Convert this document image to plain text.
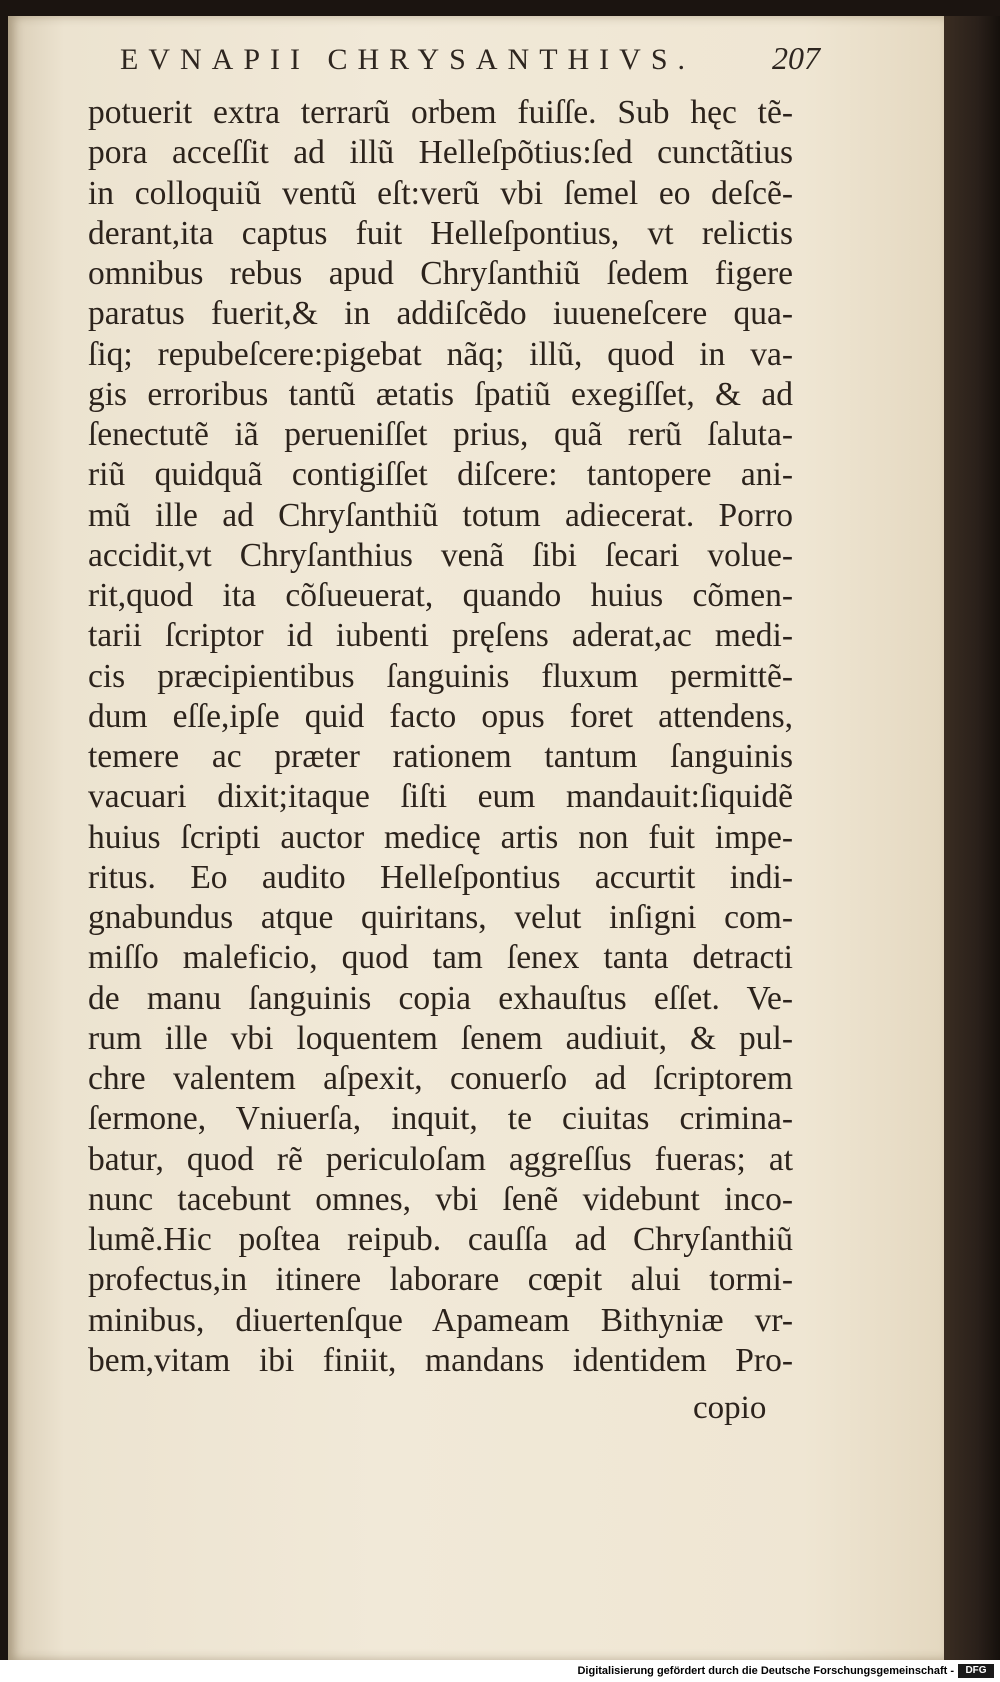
EVNAPII CHRYSANTHIVS. 207
potuerit extra terrarũ orbem fuiſſe. Sub hęc tẽ-
pora acceſſit ad illũ Helleſpõtius:ſed cunctãtius
in colloquiũ ventũ eſt:verũ vbi ſemel eo deſcẽ-
derant,ita captus fuit Helleſpontius, vt relictis
omnibus rebus apud Chryſanthiũ ſedem figere
paratus fuerit,& in addiſcẽdo iuueneſcere qua-
ſiq; repubeſcere:pigebat nãq; illũ, quod in va-
gis erroribus tantũ ætatis ſpatiũ exegiſſet, & ad
ſenectutẽ iã perueniſſet prius, quã rerũ ſaluta-
riũ quidquã contigiſſet diſcere: tantopere ani-
mũ ille ad Chryſanthiũ totum adiecerat. Porro
accidit,vt Chryſanthius venã ſibi ſecari volue-
rit,quod ita cõſueuerat, quando huius cõmen-
tarii ſcriptor id iubenti pręſens aderat,ac medi-
cis præcipientibus ſanguinis fluxum permittẽ-
dum eſſe,ipſe quid facto opus foret attendens,
temere ac præter rationem tantum ſanguinis
vacuari dixit;itaque ſiſti eum mandauit:ſiquidẽ
huius ſcripti auctor medicę artis non fuit impe-
ritus. Eo audito Helleſpontius accurtit indi-
gnabundus atque quiritans, velut inſigni com-
miſſo maleficio, quod tam ſenex tanta detracti
de manu ſanguinis copia exhauſtus eſſet. Ve-
rum ille vbi loquentem ſenem audiuit, & pul-
chre valentem aſpexit, conuerſo ad ſcriptorem
ſermone, Vniuerſa, inquit, te ciuitas crimina-
batur, quod rẽ periculoſam aggreſſus fueras; at
nunc tacebunt omnes, vbi ſenẽ videbunt inco-
lumẽ.Hic poſtea reipub. cauſſa ad Chryſanthiũ
profectus,in itinere laborare cœpit alui tormi-
minibus, diuertenſque Apameam Bithyniæ vr-
bem,vitam ibi finiit, mandans identidem Pro-
copio
Digitalisierung gefördert durch die Deutsche Forschungsgemeinschaft -	DFG
